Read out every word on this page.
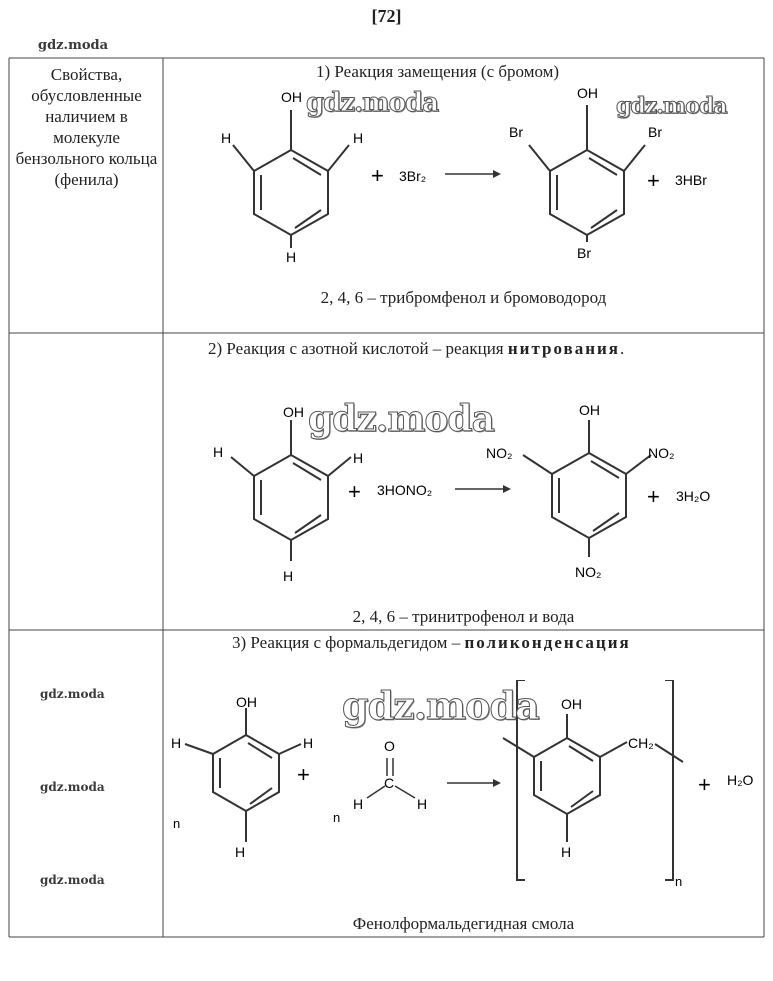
[72]
gdz.moda
gdz.moda
gdz.moda
gdz.moda
Свойства, обусловленные наличием в молекуле бензольного кольца (фенила)
1) Реакция замещения (с бромом)
OH
H	H
H
+ 3Br₂
OH
Br	Br
Br
+ 3HBr
gdz.moda	gdz.moda
2, 4, 6 – трибромфенол и бромоводород
2) Реакция с азотной кислотой – реакция нитрования.
OH
H	H
H
+ 3HONO₂
OH
NO₂	NO₂
NO₂
+ 3H₂O
gdz.moda
2, 4, 6 – тринитрофенол и вода
3) Реакция с формальдегидом – поликонденсация
OH
H	H
H
n
+
O
C
H	H
n
n
OH
CH₂
H
+ H₂O
gdz.moda
Фенолформальдегидная смола
